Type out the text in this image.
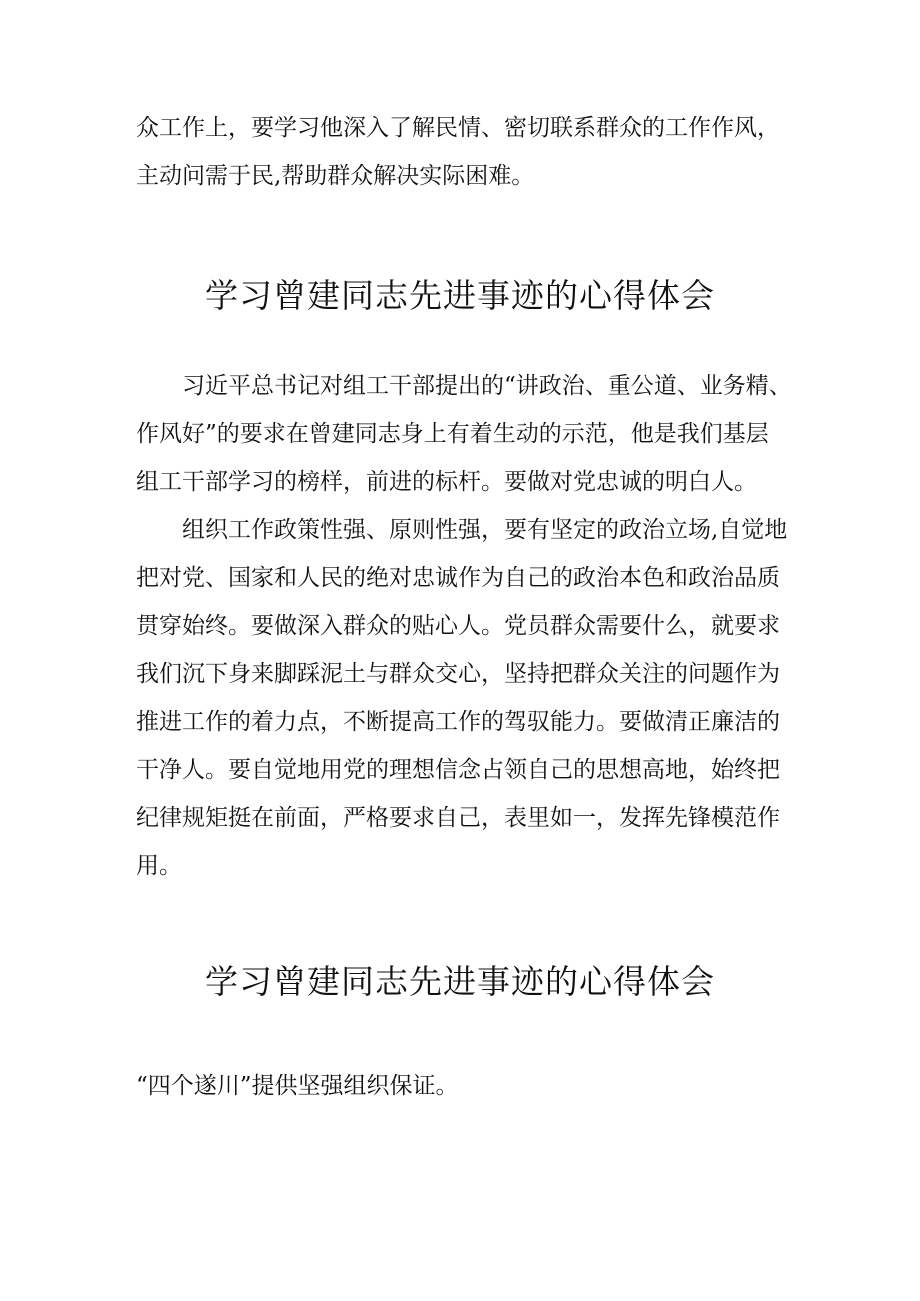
众工作上，要学习他深入了解民情、密切联系群众的工作作风，
主动问需于民,帮助群众解决实际困难。
学习曾建同志先进事迹的心得体会
　　习近平总书记对组工干部提出的“讲政治、重公道、业务精、
作风好”的要求在曾建同志身上有着生动的示范，他是我们基层
组工干部学习的榜样，前进的标杆。要做对党忠诚的明白人。
　　组织工作政策性强、原则性强，要有坚定的政治立场,自觉地
把对党、国家和人民的绝对忠诚作为自己的政治本色和政治品质
贯穿始终。要做深入群众的贴心人。党员群众需要什么，就要求
我们沉下身来脚踩泥土与群众交心，坚持把群众关注的问题作为
推进工作的着力点，不断提高工作的驾驭能力。要做清正廉洁的
干净人。要自觉地用党的理想信念占领自己的思想高地，始终把
纪律规矩挺在前面，严格要求自己，表里如一，发挥先锋模范作
用。
学习曾建同志先进事迹的心得体会
“四个遂川”提供坚强组织保证。
